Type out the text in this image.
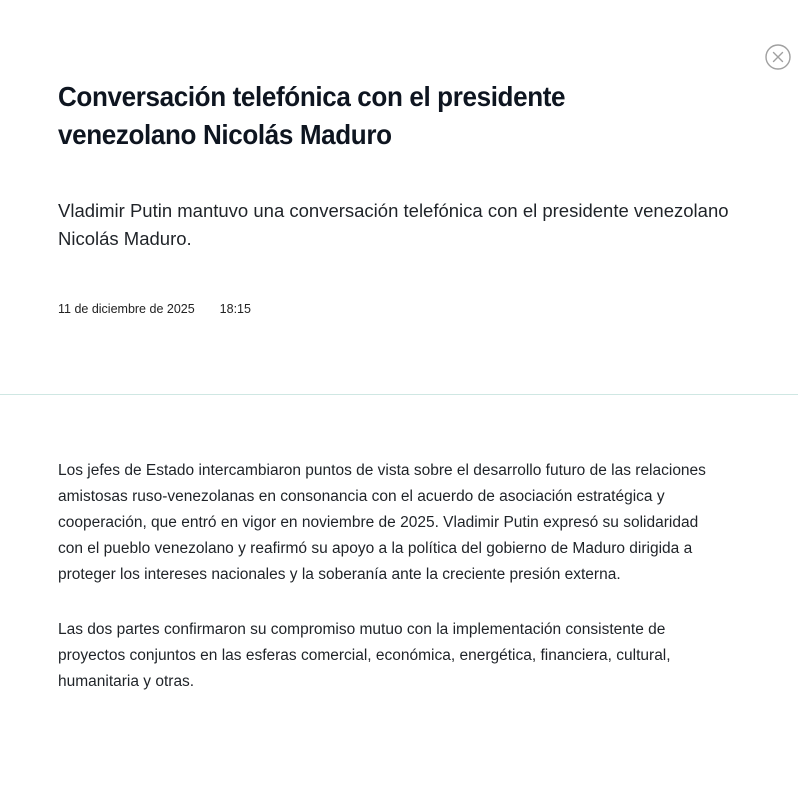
Conversación telefónica con el presidente venezolano Nicolás Maduro

Vladimir Putin mantuvo una conversación telefónica con el presidente venezolano Nicolás Maduro.

11 de diciembre de 2025 18:15

Los jefes de Estado intercambiaron puntos de vista sobre el desarrollo futuro de las relaciones amistosas ruso-venezolanas en consonancia con el acuerdo de asociación estratégica y cooperación, que entró en vigor en noviembre de 2025. Vladimir Putin expresó su solidaridad con el pueblo venezolano y reafirmó su apoyo a la política del gobierno de Maduro dirigida a proteger los intereses nacionales y la soberanía ante la creciente presión externa.

Las dos partes confirmaron su compromiso mutuo con la implementación consistente de proyectos conjuntos en las esferas comercial, económica, energética, financiera, cultural, humanitaria y otras.
